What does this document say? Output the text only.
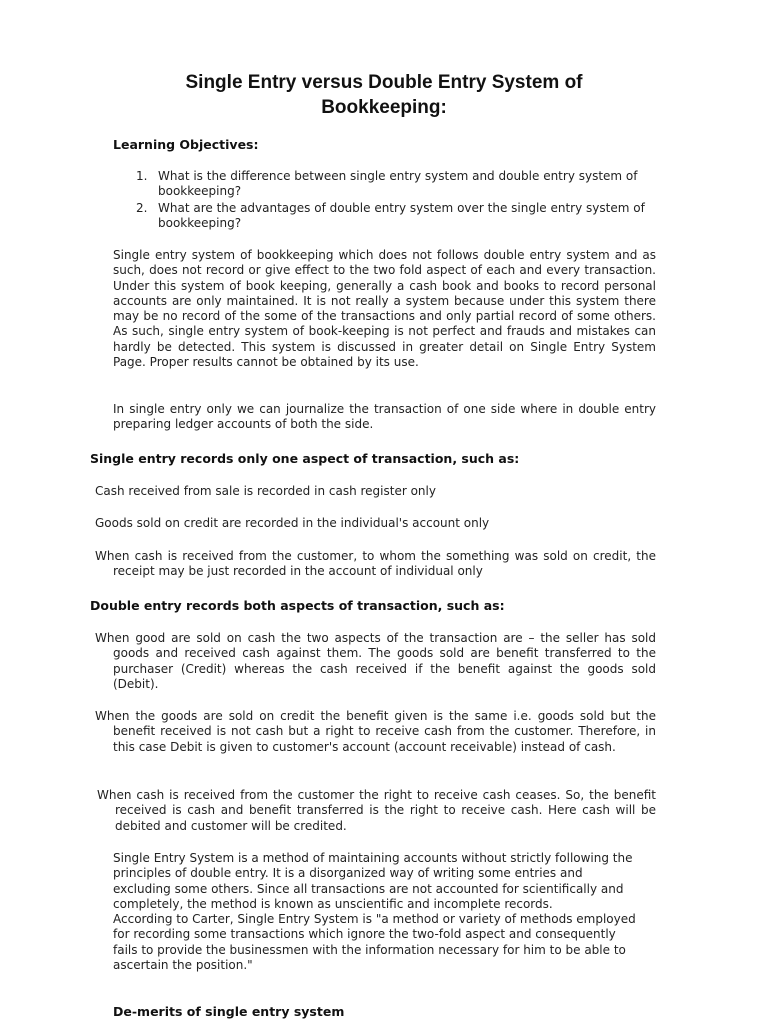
Single Entry versus Double Entry System of Bookkeeping:
Learning Objectives:
1. What is the difference between single entry system and double entry system of bookkeeping?
2. What are the advantages of double entry system over the single entry system of bookkeeping?
Single entry system of bookkeeping which does not follows double entry system and as such, does not record or give effect to the two fold aspect of each and every transaction. Under this system of book keeping, generally a cash book and books to record personal accounts are only maintained. It is not really a system because under this system there may be no record of the some of the transactions and only partial record of some others. As such, single entry system of book-keeping is not perfect and frauds and mistakes can hardly be detected. This system is discussed in greater detail on Single Entry System Page. Proper results cannot be obtained by its use.
In single entry only we can journalize the transaction of one side where in double entry preparing ledger accounts of both the side.
Single entry records only one aspect of transaction, such as:
Cash received from sale is recorded in cash register only
Goods sold on credit are recorded in the individual's account only
When cash is received from the customer, to whom the something was sold on credit, the receipt may be just recorded in the account of individual only
Double entry records both aspects of transaction, such as:
When good are sold on cash the two aspects of the transaction are – the seller has sold goods and received cash against them. The goods sold are benefit transferred to the purchaser (Credit) whereas the cash received if the benefit against the goods sold (Debit).
When the goods are sold on credit the benefit given is the same i.e. goods sold but the benefit received is not cash but a right to receive cash from the customer. Therefore, in this case Debit is given to customer's account (account receivable) instead of cash.
When cash is received from the customer the right to receive cash ceases. So, the benefit received is cash and benefit transferred is the right to receive cash. Here cash will be debited and customer will be credited.
Single Entry System is a method of maintaining accounts without strictly following the principles of double entry. It is a disorganized way of writing some entries and excluding some others. Since all transactions are not accounted for scientifically and completely, the method is known as unscientific and incomplete records.
According to Carter, Single Entry System is "a method or variety of methods employed for recording some transactions which ignore the two-fold aspect and consequently fails to provide the businessmen with the information necessary for him to be able to ascertain the position."
De-merits of single entry system
